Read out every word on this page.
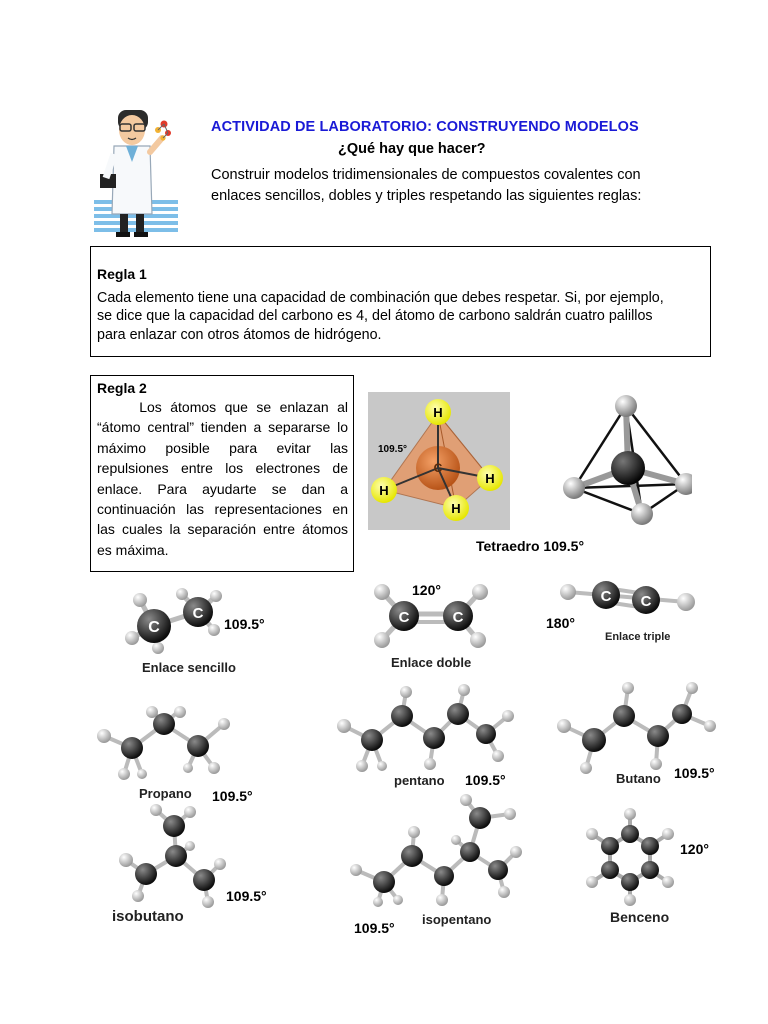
ACTIVIDAD DE LABORATORIO: CONSTRUYENDO MODELOS
¿Qué hay que hacer?
Construir modelos tridimensionales de compuestos covalentes con
enlaces sencillos, dobles y triples respetando las siguientes reglas:
Regla 1
Cada elemento tiene una capacidad de combinación que debes respetar. Si, por ejemplo,
se dice que la capacidad del carbono es 4, del átomo de carbono saldrán cuatro palillos
para enlazar con otros átomos de hidrógeno.
Regla 2
Los átomos que se enlazan al “átomo central” tienden a separarse lo máximo posible para evitar las repulsiones entre los electrones de enlace. Para ayudarte se dan a continuación las representaciones en las cuales la separación entre átomos es máxima.
H
H
H
H
C
109.5°
Tetraedro 109.5°
C
C
109.5°
Enlace sencillo
C	C
120°
Enlace doble
C C
180°
Enlace triple
Propano 109.5°
pentano 109.5°	Butano 109.5°
isobutano
109.5°
109.5°
isopentano
120°
Benceno
